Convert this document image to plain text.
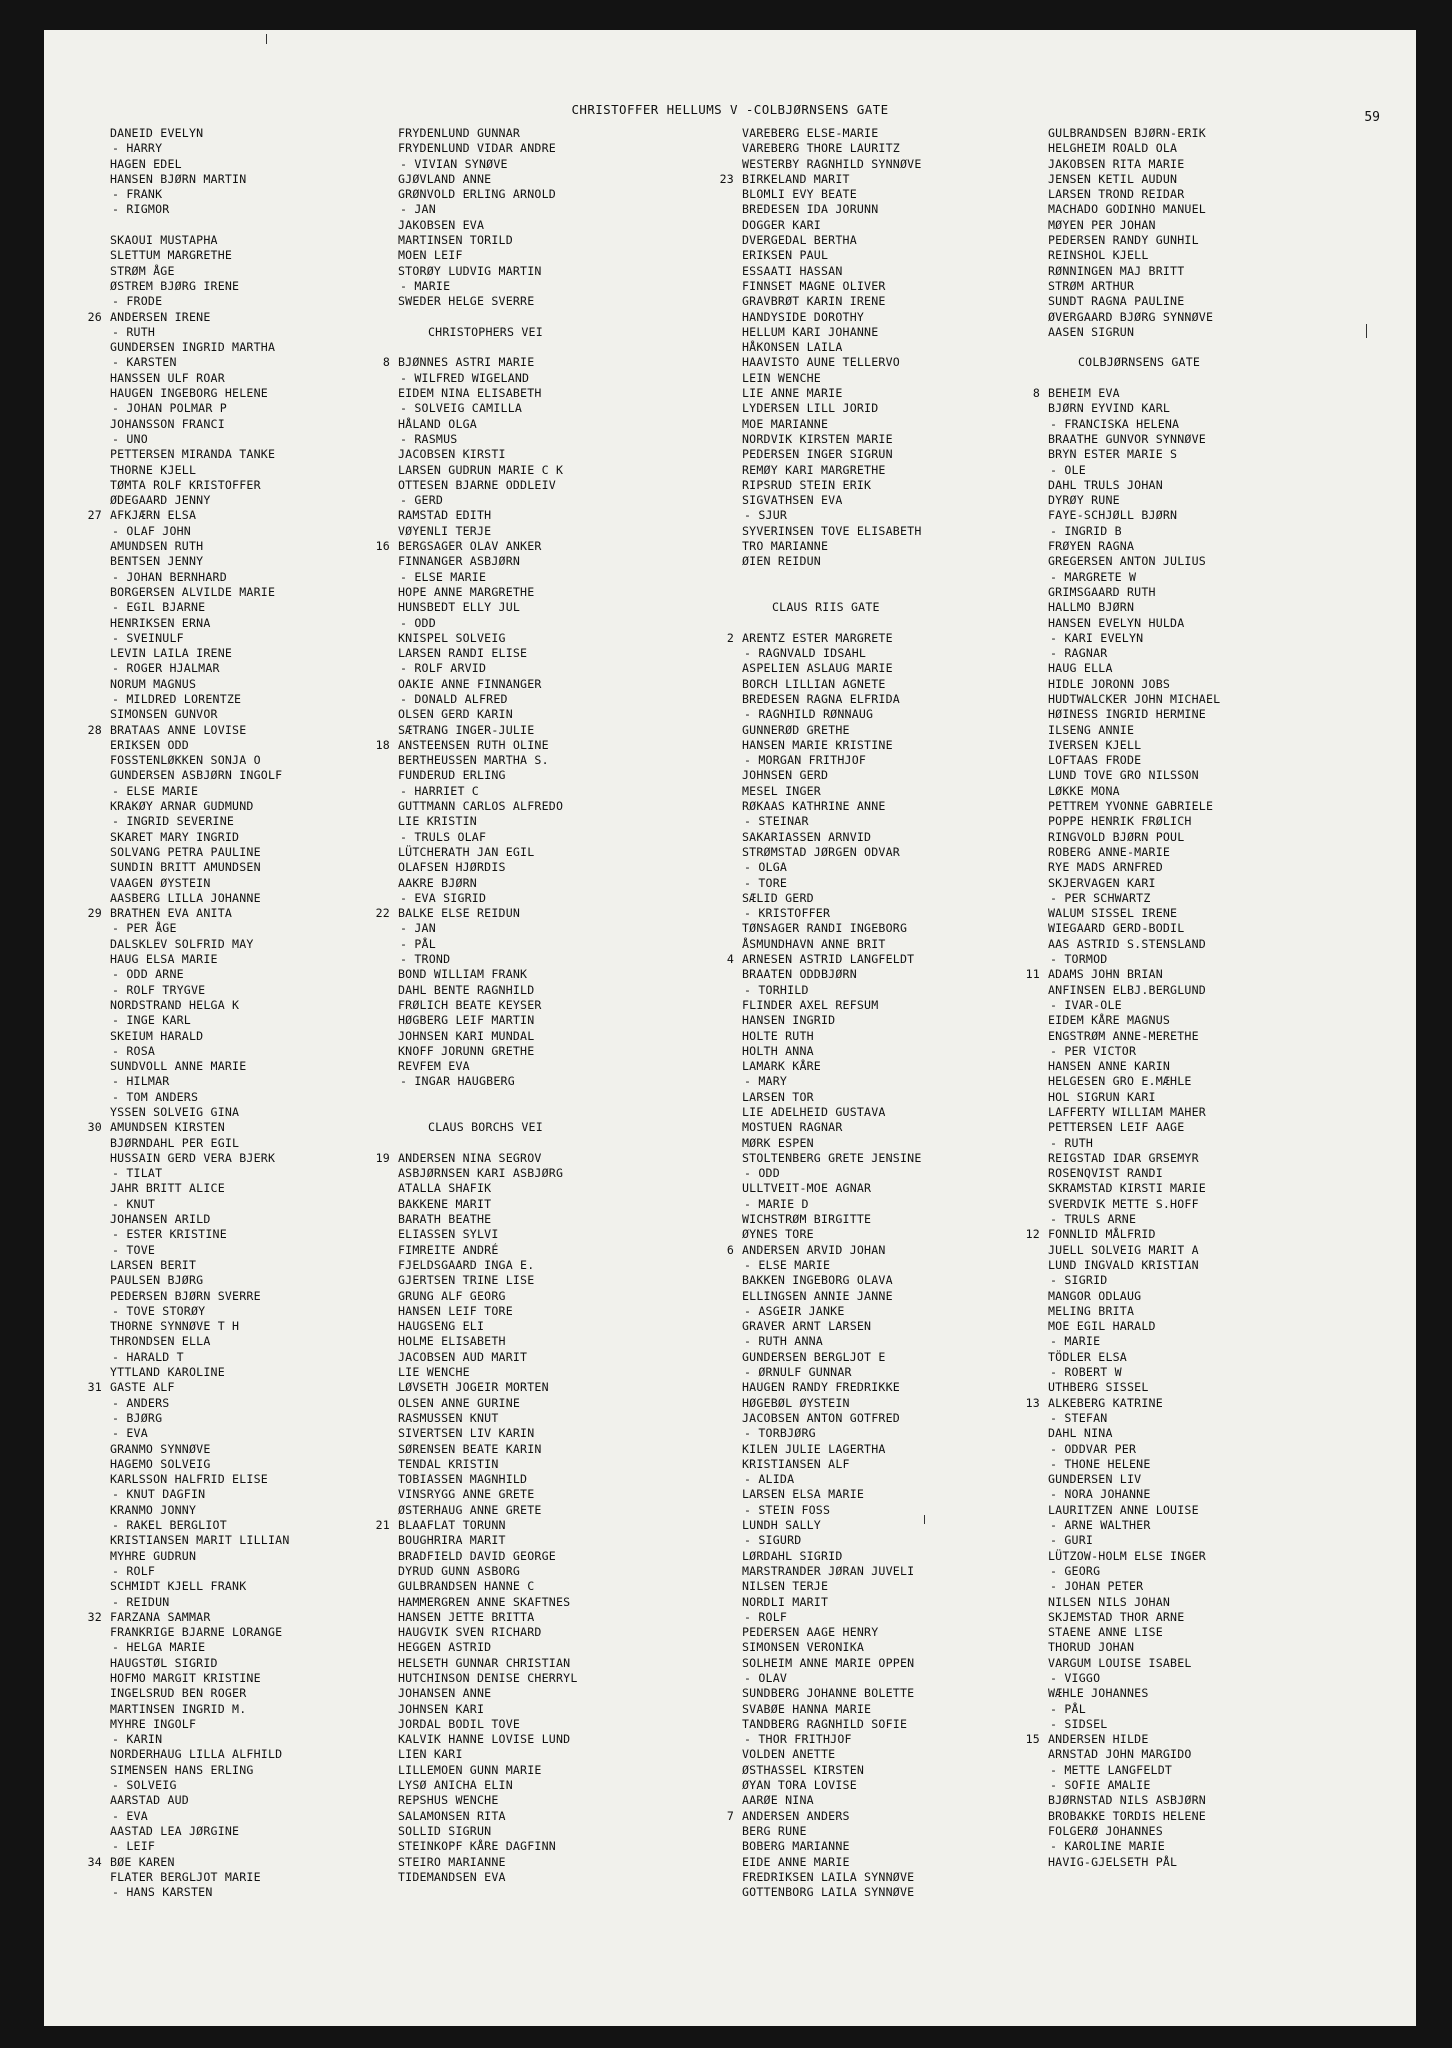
CHRISTOFFER HELLUMS V -COLBJØRNSENS GATE
59
DANEID EVELYN
- HARRY
HAGEN EDEL
HANSEN BJØRN MARTIN
- FRANK
- RIGMOR
SKAOUI MUSTAPHA
SLETTUM MARGRETHE
STRØM ÅGE
ØSTREM BJØRG IRENE
- FRODE
26 ANDERSEN IRENE
- RUTH
GUNDERSEN INGRID MARTHA
- KARSTEN
HANSSEN ULF ROAR
HAUGEN INGEBORG HELENE
- JOHAN POLMAR P
JOHANSSON FRANCI
- UNO
PETTERSEN MIRANDA TANKE
THORNE KJELL
TØMTA ROLF KRISTOFFER
ØDEGAARD JENNY
27 AFKJÆRN ELSA
- OLAF JOHN
AMUNDSEN RUTH
BENTSEN JENNY
- JOHAN BERNHARD
BORGERSEN ALVILDE MARIE
- EGIL BJARNE
HENRIKSEN ERNA
- SVEINULF
LEVIN LAILA IRENE
- ROGER HJALMAR
NORUM MAGNUS
- MILDRED LORENTZE
SIMONSEN GUNVOR
28 BRATAAS ANNE LOVISE
ERIKSEN ODD
FOSSTENLØKKEN SONJA O
GUNDERSEN ASBJØRN INGOLF
- ELSE MARIE
KRAKØY ARNAR GUDMUND
- INGRID SEVERINE
SKARET MARY INGRID
SOLVANG PETRA PAULINE
SUNDIN BRITT AMUNDSEN
VAAGEN ØYSTEIN
AASBERG LILLA JOHANNE
29 BRATHEN EVA ANITA
- PER ÅGE
DALSKLEV SOLFRID MAY
HAUG ELSA MARIE
- ODD ARNE
- ROLF TRYGVE
NORDSTRAND HELGA K
- INGE KARL
SKEIUM HARALD
- ROSA
SUNDVOLL ANNE MARIE
- HILMAR
- TOM ANDERS
YSSEN SOLVEIG GINA
30 AMUNDSEN KIRSTEN
BJØRNDAHL PER EGIL
HUSSAIN GERD VERA BJERK
- TILAT
JAHR BRITT ALICE
- KNUT
JOHANSEN ARILD
- ESTER KRISTINE
- TOVE
LARSEN BERIT
PAULSEN BJØRG
PEDERSEN BJØRN SVERRE
- TOVE STORØY
THORNE SYNNØVE T H
THRONDSEN ELLA
- HARALD T
YTTLAND KAROLINE
31 GASTE ALF
- ANDERS
- BJØRG
- EVA
GRANMO SYNNØVE
HAGEMO SOLVEIG
KARLSSON HALFRID ELISE
- KNUT DAGFIN
KRANMO JONNY
- RAKEL BERGLIOT
KRISTIANSEN MARIT LILLIAN
MYHRE GUDRUN
- ROLF
SCHMIDT KJELL FRANK
- REIDUN
32 FARZANA SAMMAR
FRANKRIGE BJARNE LORANGE
- HELGA MARIE
HAUGSTØL SIGRID
HOFMO MARGIT KRISTINE
INGELSRUD BEN ROGER
MARTINSEN INGRID M.
MYHRE INGOLF
- KARIN
NORDERHAUG LILLA ALFHILD
SIMENSEN HANS ERLING
- SOLVEIG
AARSTAD AUD
- EVA
AASTAD LEA JØRGINE
- LEIF
34 BØE KAREN
FLATER BERGLJOT MARIE
- HANS KARSTEN
FRYDENLUND GUNNAR
FRYDENLUND VIDAR ANDRE
- VIVIAN SYNØVE
GJØVLAND ANNE
GRØNVOLD ERLING ARNOLD
- JAN
JAKOBSEN EVA
MARTINSEN TORILD
MOEN LEIF
STORØY LUDVIG MARTIN
- MARIE
SWEDER HELGE SVERRE
CHRISTOPHERS VEI
8 BJØNNES ASTRI MARIE
- WILFRED WIGELAND
EIDEM NINA ELISABETH
- SOLVEIG CAMILLA
HÅLAND OLGA
- RASMUS
JACOBSEN KIRSTI
LARSEN GUDRUN MARIE C K
OTTESEN BJARNE ODDLEIV
- GERD
RAMSTAD EDITH
VØYENLI TERJE
16 BERGSAGER OLAV ANKER
FINNANGER ASBJØRN
- ELSE MARIE
HOPE ANNE MARGRETHE
HUNSBEDT ELLY JUL
- ODD
KNISPEL SOLVEIG
LARSEN RANDI ELISE
- ROLF ARVID
OAKIE ANNE FINNANGER
- DONALD ALFRED
OLSEN GERD KARIN
SÆTRANG INGER-JULIE
18 ANSTEENSEN RUTH OLINE
BERTHEUSSEN MARTHA S.
FUNDERUD ERLING
- HARRIET C
GUTTMANN CARLOS ALFREDO
LIE KRISTIN
- TRULS OLAF
LÜTCHERATH JAN EGIL
OLAFSEN HJØRDIS
AAKRE BJØRN
- EVA SIGRID
22 BALKE ELSE REIDUN
- JAN
- PÅL
- TROND
BOND WILLIAM FRANK
DAHL BENTE RAGNHILD
FRØLICH BEATE KEYSER
HØGBERG LEIF MARTIN
JOHNSEN KARI MUNDAL
KNOFF JORUNN GRETHE
REVFEM EVA
- INGAR HAUGBERG
CLAUS BORCHS VEI
19 ANDERSEN NINA SEGROV
ASBJØRNSEN KARI ASBJØRG
ATALLA SHAFIK
BAKKENE MARIT
BARATH BEATHE
ELIASSEN SYLVI
FIMREITE ANDRÉ
FJELDSGAARD INGA E.
GJERTSEN TRINE LISE
GRUNG ALF GEORG
HANSEN LEIF TORE
HAUGSENG ELI
HOLME ELISABETH
JACOBSEN AUD MARIT
LIE WENCHE
LØVSETH JOGEIR MORTEN
OLSEN ANNE GURINE
RASMUSSEN KNUT
SIVERTSEN LIV KARIN
SØRENSEN BEATE KARIN
TENDAL KRISTIN
TOBIASSEN MAGNHILD
VINSRYGG ANNE GRETE
ØSTERHAUG ANNE GRETE
21 BLAAFLAT TORUNN
BOUGHRIRA MARIT
BRADFIELD DAVID GEORGE
DYRUD GUNN ASBORG
GULBRANDSEN HANNE C
HAMMERGREN ANNE SKAFTNES
HANSEN JETTE BRITTA
HAUGVIK SVEN RICHARD
HEGGEN ASTRID
HELSETH GUNNAR CHRISTIAN
HUTCHINSON DENISE CHERRYL
JOHANSEN ANNE
JOHNSEN KARI
JORDAL BODIL TOVE
KALVIK HANNE LOVISE LUND
LIEN KARI
LILLEMOEN GUNN MARIE
LYSØ ANICHA ELIN
REPSHUS WENCHE
SALAMONSEN RITA
SOLLID SIGRUN
STEINKOPF KÅRE DAGFINN
STEIRO MARIANNE
TIDEMANDSEN EVA
VAREBERG ELSE-MARIE
VAREBERG THORE LAURITZ
WESTERBY RAGNHILD SYNNØVE
23 BIRKELAND MARIT
BLOMLI EVY BEATE
BREDESEN IDA JORUNN
DOGGER KARI
DVERGEDAL BERTHA
ERIKSEN PAUL
ESSAATI HASSAN
FINNSET MAGNE OLIVER
GRAVBRØT KARIN IRENE
HANDYSIDE DOROTHY
HELLUM KARI JOHANNE
HÅKONSEN LAILA
HAAVISTO AUNE TELLERVO
LEIN WENCHE
LIE ANNE MARIE
LYDERSEN LILL JORID
MOE MARIANNE
NORDVIK KIRSTEN MARIE
PEDERSEN INGER SIGRUN
REMØY KARI MARGRETHE
RIPSRUD STEIN ERIK
SIGVATHSEN EVA
- SJUR
SYVERINSEN TOVE ELISABETH
TRO MARIANNE
ØIEN REIDUN
CLAUS RIIS GATE
2 ARENTZ ESTER MARGRETE
- RAGNVALD IDSAHL
ASPELIEN ASLAUG MARIE
BORCH LILLIAN AGNETE
BREDESEN RAGNA ELFRIDA
- RAGNHILD RØNNAUG
GUNNERØD GRETHE
HANSEN MARIE KRISTINE
- MORGAN FRITHJOF
JOHNSEN GERD
MESEL INGER
RØKAAS KATHRINE ANNE
- STEINAR
SAKARIASSEN ARNVID
STRØMSTAD JØRGEN ODVAR
- OLGA
- TORE
SÆLID GERD
- KRISTOFFER
TØNSAGER RANDI INGEBORG
ÅSMUNDHAVN ANNE BRIT
4 ARNESEN ASTRID LANGFELDT
BRAATEN ODDBJØRN
- TORHILD
FLINDER AXEL REFSUM
HANSEN INGRID
HOLTE RUTH
HOLTH ANNA
LAMARK KÅRE
- MARY
LARSEN TOR
LIE ADELHEID GUSTAVA
MOSTUEN RAGNAR
MØRK ESPEN
STOLTENBERG GRETE JENSINE
- ODD
ULLTVEIT-MOE AGNAR
- MARIE D
WICHSTRØM BIRGITTE
ØYNES TORE
6 ANDERSEN ARVID JOHAN
- ELSE MARIE
BAKKEN INGEBORG OLAVA
ELLINGSEN ANNIE JANNE
- ASGEIR JANKE
GRAVER ARNT LARSEN
- RUTH ANNA
GUNDERSEN BERGLJOT E
- ØRNULF GUNNAR
HAUGEN RANDY FREDRIKKE
HØGEBØL ØYSTEIN
JACOBSEN ANTON GOTFRED
- TORBJØRG
KILEN JULIE LAGERTHA
KRISTIANSEN ALF
- ALIDA
LARSEN ELSA MARIE
- STEIN FOSS
LUNDH SALLY
- SIGURD
LØRDAHL SIGRID
MARSTRANDER JØRAN JUVELI
NILSEN TERJE
NORDLI MARIT
- ROLF
PEDERSEN AAGE HENRY
SIMONSEN VERONIKA
SOLHEIM ANNE MARIE OPPEN
- OLAV
SUNDBERG JOHANNE BOLETTE
SVABØE HANNA MARIE
TANDBERG RAGNHILD SOFIE
- THOR FRITHJOF
VOLDEN ANETTE
ØSTHASSEL KIRSTEN
ØYAN TORA LOVISE
AARØE NINA
7 ANDERSEN ANDERS
BERG RUNE
BOBERG MARIANNE
EIDE ANNE MARIE
FREDRIKSEN LAILA SYNNØVE
GOTTENBORG LAILA SYNNØVE
GULBRANDSEN BJØRN-ERIK
HELGHEIM ROALD OLA
JAKOBSEN RITA MARIE
JENSEN KETIL AUDUN
LARSEN TROND REIDAR
MACHADO GODINHO MANUEL
MØYEN PER JOHAN
PEDERSEN RANDY GUNHIL
REINSHOL KJELL
RØNNINGEN MAJ BRITT
STRØM ARTHUR
SUNDT RAGNA PAULINE
ØVERGAARD BJØRG SYNNØVE
AASEN SIGRUN
COLBJØRNSENS GATE
8 BEHEIM EVA
BJØRN EYVIND KARL
- FRANCISKA HELENA
BRAATHE GUNVOR SYNNØVE
BRYN ESTER MARIE S
- OLE
DAHL TRULS JOHAN
DYRØY RUNE
FAYE-SCHJØLL BJØRN
- INGRID B
FRØYEN RAGNA
GREGERSEN ANTON JULIUS
- MARGRETE W
GRIMSGAARD RUTH
HALLMO BJØRN
HANSEN EVELYN HULDA
- KARI EVELYN
- RAGNAR
HAUG ELLA
HIDLE JORONN JOBS
HUDTWALCKER JOHN MICHAEL
HØINESS INGRID HERMINE
ILSENG ANNIE
IVERSEN KJELL
LOFTAAS FRODE
LUND TOVE GRO NILSSON
LØKKE MONA
PETTREM YVONNE GABRIELE
POPPE HENRIK FRØLICH
RINGVOLD BJØRN POUL
ROBERG ANNE-MARIE
RYE MADS ARNFRED
SKJERVAGEN KARI
- PER SCHWARTZ
WALUM SISSEL IRENE
WIEGAARD GERD-BODIL
AAS ASTRID S.STENSLAND
- TORMOD
11 ADAMS JOHN BRIAN
ANFINSEN ELBJ.BERGLUND
- IVAR-OLE
EIDEM KÅRE MAGNUS
ENGSTRØM ANNE-MERETHE
- PER VICTOR
HANSEN ANNE KARIN
HELGESEN GRO E.MÆHLE
HOL SIGRUN KARI
LAFFERTY WILLIAM MAHER
PETTERSEN LEIF AAGE
- RUTH
REIGSTAD IDAR GRSEMYR
ROSENQVIST RANDI
SKRAMSTAD KIRSTI MARIE
SVERDVIK METTE S.HOFF
- TRULS ARNE
12 FONNLID MÅLFRID
JUELL SOLVEIG MARIT A
LUND INGVALD KRISTIAN
- SIGRID
MANGOR ODLAUG
MELING BRITA
MOE EGIL HARALD
- MARIE
TÖDLER ELSA
- ROBERT W
UTHBERG SISSEL
13 ALKEBERG KATRINE
- STEFAN
DAHL NINA
- ODDVAR PER
- THONE HELENE
GUNDERSEN LIV
- NORA JOHANNE
LAURITZEN ANNE LOUISE
- ARNE WALTHER
- GURI
LÜTZOW-HOLM ELSE INGER
- GEORG
- JOHAN PETER
NILSEN NILS JOHAN
SKJEMSTAD THOR ARNE
STAENE ANNE LISE
THORUD JOHAN
VARGUM LOUISE ISABEL
- VIGGO
WÆHLE JOHANNES
- PÅL
- SIDSEL
15 ANDERSEN HILDE
ARNSTAD JOHN MARGIDO
- METTE LANGFELDT
- SOFIE AMALIE
BJØRNSTAD NILS ASBJØRN
BROBAKKE TORDIS HELENE
FOLGERØ JOHANNES
- KAROLINE MARIE
HAVIG-GJELSETH PÅL
